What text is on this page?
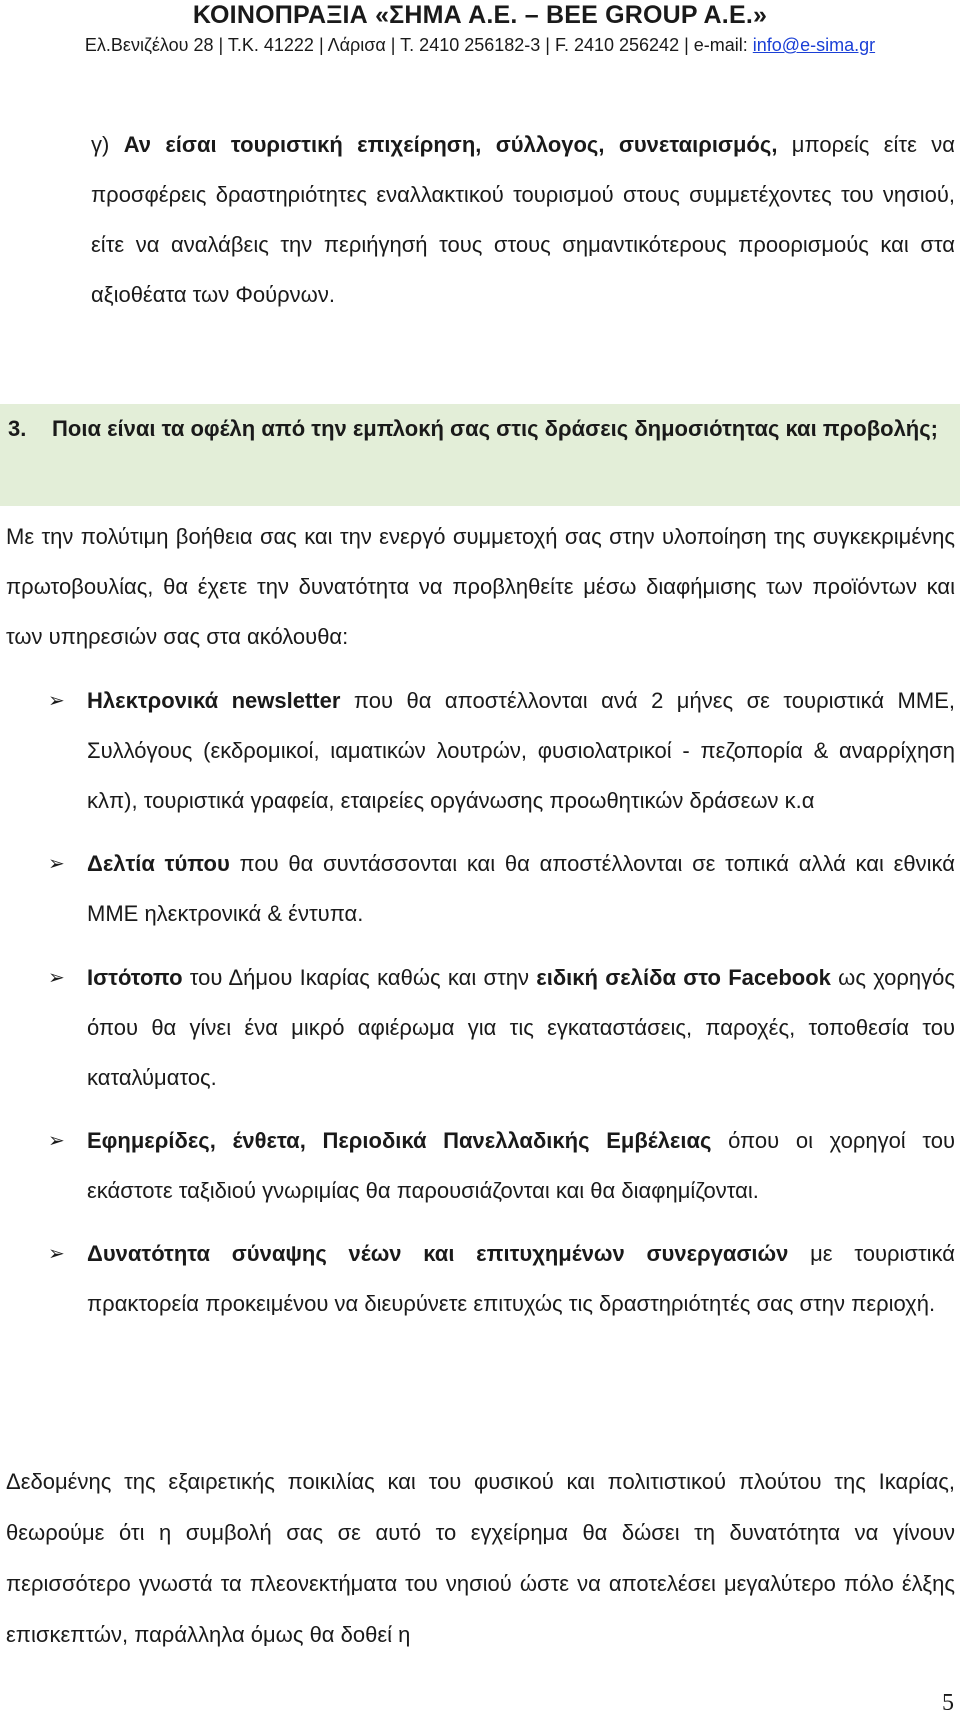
ΚΟΙΝΟΠΡΑΞΙΑ «ΣΗΜΑ Α.Ε. – ΒΕΕ GROUP A.E.»
Ελ.Βενιζέλου 28 | Τ.Κ. 41222 | Λάρισα | Τ. 2410 256182-3 | F. 2410 256242 | e-mail: info@e-sima.gr
γ) Αν είσαι τουριστική επιχείρηση, σύλλογος, συνεταιρισμός, μπορείς είτε να προσφέρεις δραστηριότητες εναλλακτικού τουρισμού στους συμμετέχοντες του νησιού, είτε να αναλάβεις την περιήγησή τους στους σημαντικότερους προορισμούς και στα αξιοθέατα των Φούρνων.
3. Ποια είναι τα οφέλη από την εμπλοκή σας στις δράσεις δημοσιότητας και προβολής;
Με την πολύτιμη βοήθεια σας και την ενεργό συμμετοχή σας στην υλοποίηση της συγκεκριμένης πρωτοβουλίας, θα έχετε την δυνατότητα να προβληθείτε μέσω διαφήμισης των προϊόντων και των υπηρεσιών σας στα ακόλουθα:
➢ Ηλεκτρονικά newsletter που θα αποστέλλονται ανά 2 μήνες σε τουριστικά ΜΜΕ, Συλλόγους (εκδρομικοί, ιαματικών λουτρών, φυσιολατρικοί - πεζοπορία & αναρρίχηση κλπ), τουριστικά γραφεία, εταιρείες οργάνωσης προωθητικών δράσεων κ.α
➢ Δελτία τύπου που θα συντάσσονται και θα αποστέλλονται σε τοπικά αλλά και εθνικά ΜΜΕ ηλεκτρονικά & έντυπα.
➢ Ιστότοπο του Δήμου Ικαρίας καθώς και στην ειδική σελίδα στο Facebook ως χορηγός όπου θα γίνει ένα μικρό αφιέρωμα για τις εγκαταστάσεις, παροχές, τοποθεσία του καταλύματος.
➢ Εφημερίδες, ένθετα, Περιοδικά Πανελλαδικής Εμβέλειας όπου οι χορηγοί του εκάστοτε ταξιδιού γνωριμίας θα παρουσιάζονται και θα διαφημίζονται.
➢ Δυνατότητα σύναψης νέων και επιτυχημένων συνεργασιών με τουριστικά πρακτορεία προκειμένου να διευρύνετε επιτυχώς τις δραστηριότητές σας στην περιοχή.
Δεδομένης της εξαιρετικής ποικιλίας και του φυσικού και πολιτιστικού πλούτου της Ικαρίας, θεωρούμε ότι η συμβολή σας σε αυτό το εγχείρημα θα δώσει τη δυνατότητα να γίνουν περισσότερο γνωστά τα πλεονεκτήματα του νησιού ώστε να αποτελέσει μεγαλύτερο πόλο έλξης επισκεπτών, παράλληλα όμως θα δοθεί η
5
